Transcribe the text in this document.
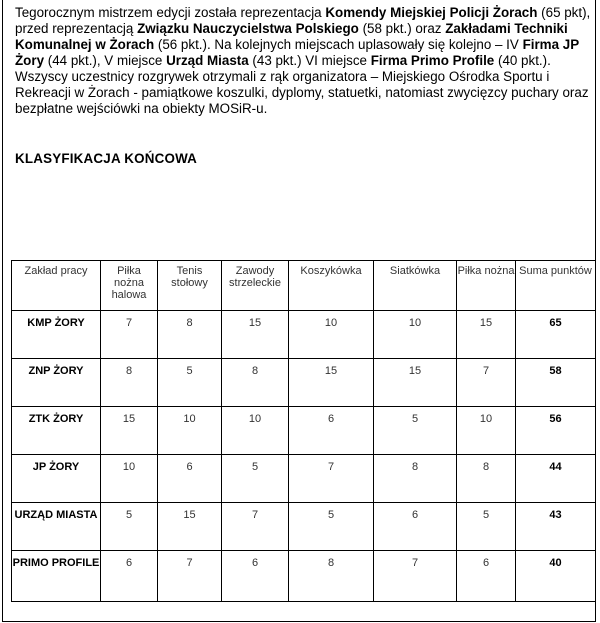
Tegorocznym mistrzem edycji została reprezentacja Komendy Miejskiej Policji Żorach (65 pkt), przed reprezentacją Związku Nauczycielstwa Polskiego (58 pkt.) oraz Zakładami Techniki Komunalnej w Żorach (56 pkt.). Na kolejnych miejscach uplasowały się kolejno – IV Firma JP Żory (44 pkt.), V miejsce Urząd Miasta (43 pkt.) VI miejsce Firma Primo Profile (40 pkt.).
Wszyscy uczestnicy rozgrywek otrzymali z rąk organizatora – Miejskiego Ośrodka Sportu i Rekreacji w Żorach - pamiątkowe koszulki, dyplomy, statuetki, natomiast zwycięzcy puchary oraz bezpłatne wejściówki na obiekty MOSiR-u.

KLASYFIKACJA KOŃCOWA
Zakład pracy	Piłka nożna halowa	Tenis stołowy	Zawody strzeleckie	Koszykówka	Siatkówka	Piłka nożna	Suma punktów
KMP ŻORY	7	8	15	10	10	15	65
ZNP ŻORY	8	5	8	15	15	7	58
ZTK ŻORY	15	10	10	6	5	10	56
JP ŻORY	10	6	5	7	8	8	44
URZĄD MIASTA	5	15	7	5	6	5	43
PRIMO PROFILE	6	7	6	8	7	6	40
